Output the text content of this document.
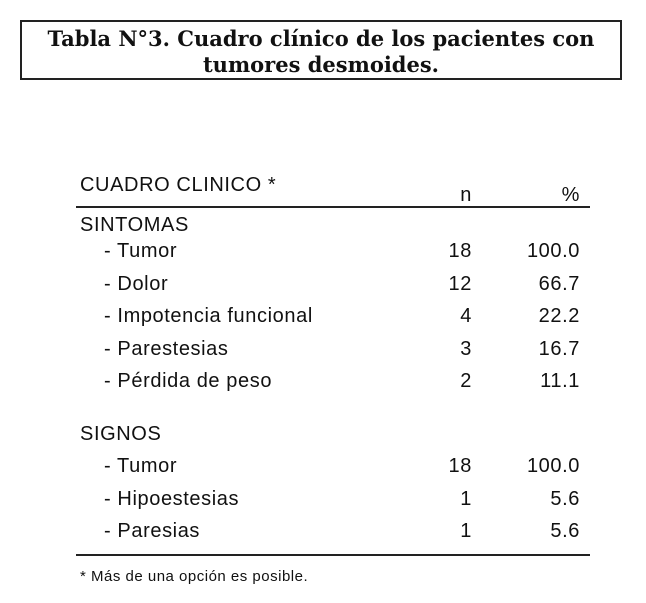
Tabla N°3. Cuadro clínico de los pacientes con
tumores desmoides.
CUADRO CLINICO *	n	%
SINTOMAS
- Tumor	18	100.0
- Dolor	12	66.7
- Impotencia funcional	4	22.2
- Parestesias	3	16.7
- Pérdida de peso	2	11.1
SIGNOS
- Tumor	18	100.0
- Hipoestesias	1	5.6
- Paresias	1	5.6
* Más de una opción es posible.
